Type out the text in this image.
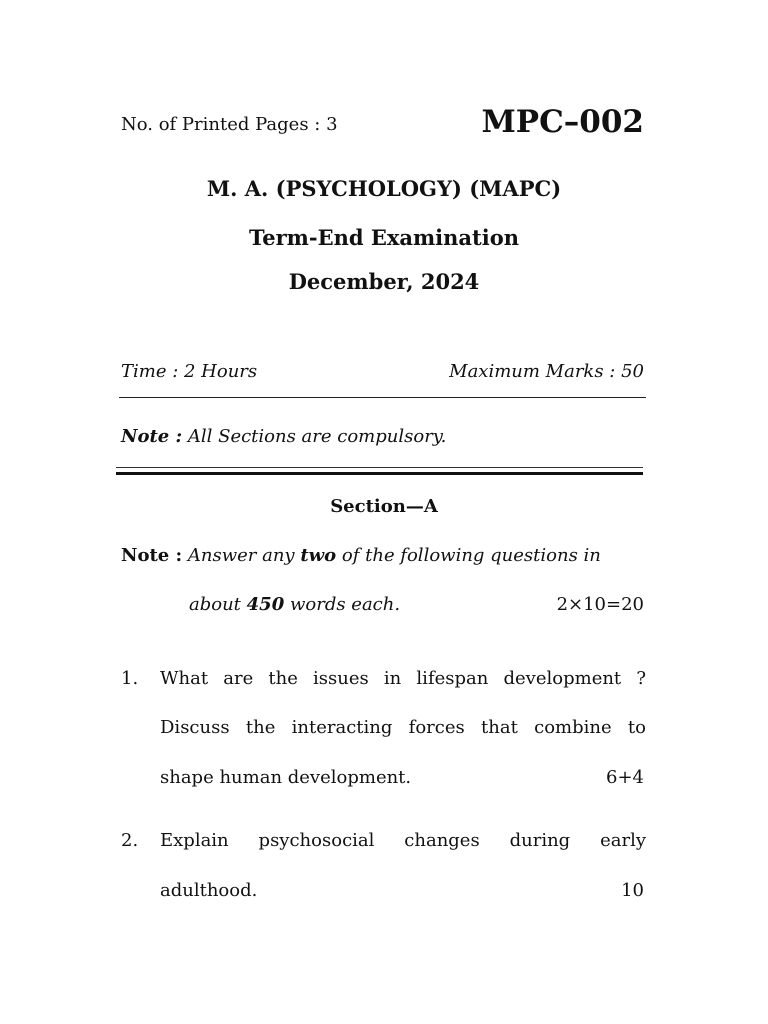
No. of Printed Pages : 3	MPC–002
M. A. (PSYCHOLOGY) (MAPC)
Term-End Examination
December, 2024
Time : 2 Hours	Maximum Marks : 50
Note : All Sections are compulsory.
Section—A
Note : Answer any two of the following questions in
about 450 words each.	2×10=20
1. What are the issues in lifespan development ?
Discuss the interacting forces that combine to
shape human development.	6+4
2. Explain psychosocial changes during early
adulthood.	10
